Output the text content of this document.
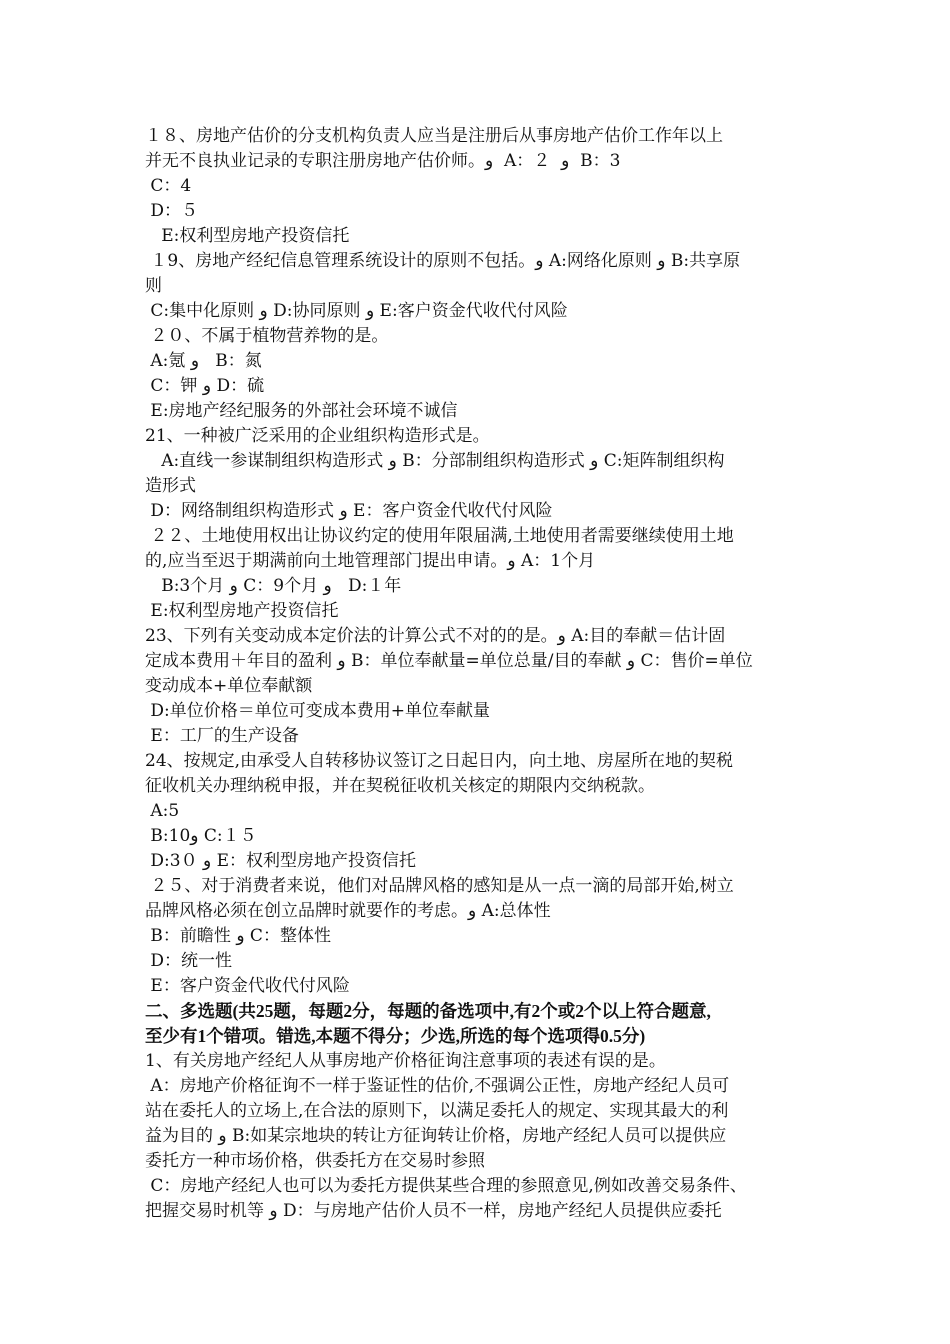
１８、房地产估价的分支机构负责人应当是注册后从事房地产估价工作年以上
并无不良执业记录的专职注册房地产估价师。و  A：２  و  B：3
C：4
D：５
E:权利型房地产投资信托
１9、房地产经纪信息管理系统设计的原则不包括。و A:网络化原则 و B:共享原
则
C:集中化原则 و D:协同原则 و E:客户资金代收代付风险
２０、不属于植物营养物的是。
A:氪 و   B：氮
C：钾 و D：硫
E:房地产经纪服务的外部社会环境不诚信
21、一种被广泛采用的企业组织构造形式是。
A:直线一参谋制组织构造形式 و B：分部制组织构造形式 و C:矩阵制组织构
造形式
D：网络制组织构造形式 و E：客户资金代收代付风险
２２、土地使用权出让协议约定的使用年限届满,土地使用者需要继续使用土地
的,应当至迟于期满前向土地管理部门提出申请。و A：1个月
B:3个月 و C：9个月 و   D:１年
E:权利型房地产投资信托
23、下列有关变动成本定价法的计算公式不对的的是。و A:目的奉献＝估计固
定成本费用＋年目的盈利 و B：单位奉献量=单位总量/目的奉献 و C：售价=单位
变动成本+单位奉献额
D:单位价格＝单位可变成本费用+单位奉献量
E：工厂的生产设备
24、按规定,由承受人自转移协议签订之日起日内，向土地、房屋所在地的契税
征收机关办理纳税申报，并在契税征收机关核定的期限内交纳税款。
A:5
B:10و C:１５
D:3０ و E：权利型房地产投资信托
２５、对于消费者来说，他们对品牌风格的感知是从一点一滴的局部开始,树立
品牌风格必须在创立品牌时就要作的考虑。و A:总体性
B：前瞻性 و C：整体性
D：统一性
E：客户资金代收代付风险
二、多选题(共25题，每题2分，每题的备选项中,有2个或2个以上符合题意,
至少有1个错项。错选,本题不得分；少选,所选的每个选项得0.5分)
1、有关房地产经纪人从事房地产价格征询注意事项的表述有误的是。
A：房地产价格征询不一样于鉴证性的估价,不强调公正性，房地产经纪人员可
站在委托人的立场上,在合法的原则下，以满足委托人的规定、实现其最大的利
益为目的 و B:如某宗地块的转让方征询转让价格，房地产经纪人员可以提供应
委托方一种市场价格，供委托方在交易时参照
C：房地产经纪人也可以为委托方提供某些合理的参照意见,例如改善交易条件、
把握交易时机等 و D：与房地产估价人员不一样，房地产经纪人员提供应委托
